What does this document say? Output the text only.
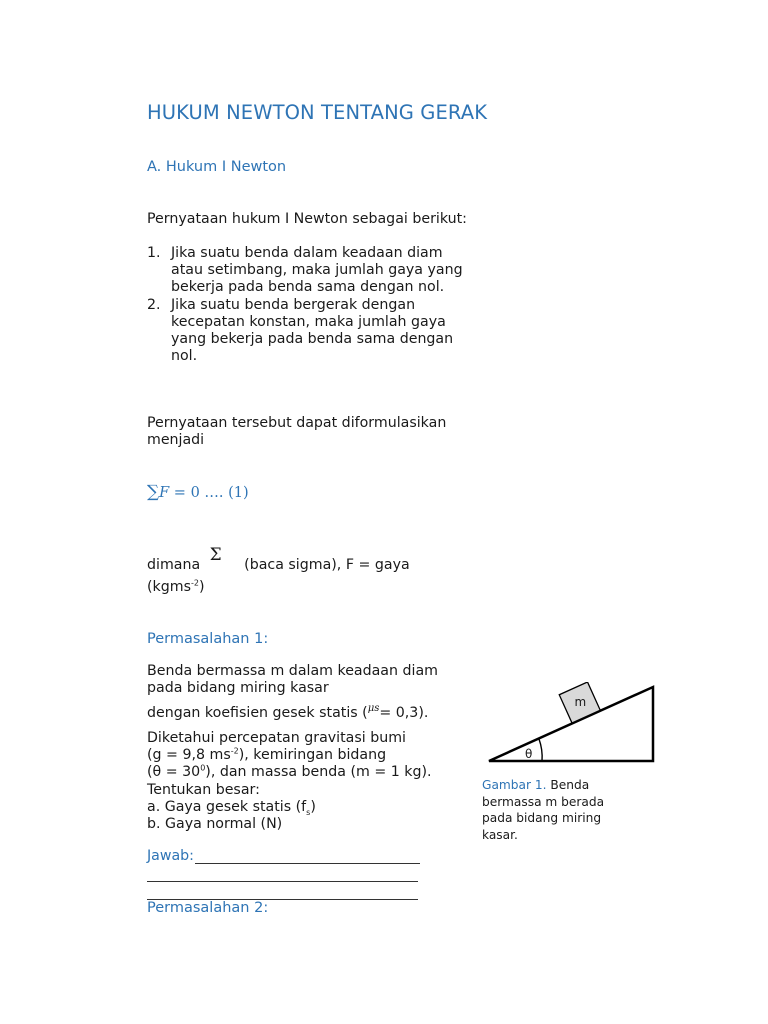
HUKUM NEWTON TENTANG GERAK
A. Hukum I Newton
Pernyataan hukum I Newton sebagai berikut:
1. Jika suatu benda dalam keadaan diam atau setimbang, maka jumlah gaya yang bekerja pada benda sama dengan nol.
2. Jika suatu benda bergerak dengan kecepatan konstan, maka jumlah gaya yang bekerja pada benda sama dengan nol.
Pernyataan tersebut dapat diformulasikan menjadi
∑F = 0 …. (1)
dimana Σ (baca sigma), F = gaya
(kgms$^{-2}$)
Permasalahan 1:
Benda bermassa m dalam keadaan diam pada bidang miring kasar
dengan koefisien gesek statis ($^{\mu s}$= 0,3).
Diketahui percepatan gravitasi bumi
(g = 9,8 $ms^{-2}$), kemiringan bidang
$(\theta = 30^0)$, dan massa benda (m = 1 kg).
Tentukan besar:
a. Gaya gesek statis $(f_s)$
b. Gaya normal (N)
Jawab:
Permasalahan 2:
θ
m
Gambar 1. Benda bermassa m berada pada bidang miring kasar.
